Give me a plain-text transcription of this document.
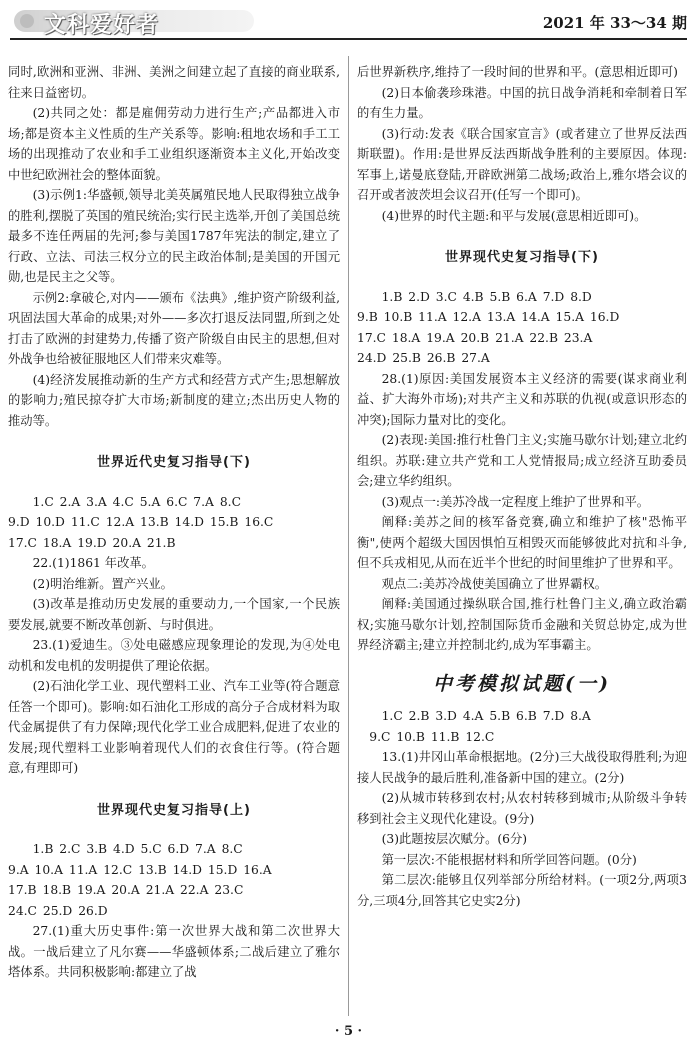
文科爱好者	2021 年 33～34 期

同时,欧洲和亚洲、非洲、美洲之间建立起了直接的商业联系,往来日益密切。

(2)共同之处：都是雇佣劳动力进行生产;产品都进入市场;都是资本主义性质的生产关系等。影响:租地农场和手工工场的出现推动了农业和手工业组织逐渐资本主义化,开始改变中世纪欧洲社会的整体面貌。

(3)示例1:华盛顿,领导北美英属殖民地人民取得独立战争的胜利,摆脱了英国的殖民统治;实行民主选举,开创了美国总统最多不连任两届的先河;参与美国1787年宪法的制定,建立了行政、立法、司法三权分立的民主政治体制;是美国的开国元勋,也是民主之父等。

示例2:拿破仑,对内——颁布《法典》,维护资产阶级利益,巩固法国大革命的成果;对外——多次打退反法同盟,所到之处打击了欧洲的封建势力,传播了资产阶级自由民主的思想,但对外战争也给被征服地区人们带来灾难等。

(4)经济发展推动新的生产方式和经营方式产生;思想解放的影响力;殖民掠夺扩大市场;新制度的建立;杰出历史人物的推动等。

世界近代史复习指导(下)

1.C 2.A 3.A 4.C 5.A 6.C 7.A 8.C

9.D 10.D 11.C 12.A 13.B 14.D 15.B 16.C

17.C 18.A 19.D 20.A 21.B

22.(1)1861 年改革。

(2)明治维新。置产兴业。

(3)改革是推动历史发展的重要动力,一个国家,一个民族要发展,就要不断改革创新、与时俱进。

23.(1)爱迪生。③处电磁感应现象理论的发现,为④处电动机和发电机的发明提供了理论依据。

(2)石油化学工业、现代塑料工业、汽车工业等(符合题意任答一个即可)。影响:如石油化工形成的高分子合成材料为取代金属提供了有力保障;现代化学工业合成肥料,促进了农业的发展;现代塑料工业影响着现代人们的衣食住行等。(符合题意,有理即可)

世界现代史复习指导(上)

1.B 2.C 3.B 4.D 5.C 6.D 7.A 8.C

9.A 10.A 11.A 12.C 13.B 14.D 15.D 16.A

17.B 18.B 19.A 20.A 21.A 22.A 23.C

24.C 25.D 26.D

27.(1)重大历史事件:第一次世界大战和第二次世界大战。一战后建立了凡尔赛——华盛顿体系;二战后建立了雅尔塔体系。共同积极影响:都建立了战

后世界新秩序,维持了一段时间的世界和平。(意思相近即可)

(2)日本偷袭珍珠港。中国的抗日战争消耗和牵制着日军的有生力量。

(3)行动:发表《联合国家宣言》(或者建立了世界反法西斯联盟)。作用:是世界反法西斯战争胜利的主要原因。体现:军事上,诺曼底登陆,开辟欧洲第二战场;政治上,雅尔塔会议的召开或者波茨坦会议召开(任写一个即可)。

(4)世界的时代主题:和平与发展(意思相近即可)。

世界现代史复习指导(下)

1.B 2.D 3.C 4.B 5.B 6.A 7.D 8.D

9.B 10.B 11.A 12.A 13.A 14.A 15.A 16.D

17.C 18.A 19.A 20.B 21.A 22.B 23.A

24.D 25.B 26.B 27.A

28.(1)原因:美国发展资本主义经济的需要(谋求商业利益、扩大海外市场);对共产主义和苏联的仇视(或意识形态的冲突);国际力量对比的变化。

(2)表现:美国:推行杜鲁门主义;实施马歇尔计划;建立北约组织。苏联:建立共产党和工人党情报局;成立经济互助委员会;建立华约组织。

(3)观点一:美苏冷战一定程度上维护了世界和平。

阐释:美苏之间的核军备竞赛,确立和维护了核"恐怖平衡",使两个超级大国因惧怕互相毁灭而能够彼此对抗和斗争,但不兵戎相见,从而在近半个世纪的时间里维护了世界和平。

观点二:美苏冷战使美国确立了世界霸权。

阐释:美国通过操纵联合国,推行杜鲁门主义,确立政治霸权;实施马歇尔计划,控制国际货币金融和关贸总协定,成为世界经济霸主;建立并控制北约,成为军事霸主。

中考模拟试题(一)

1.C 2.B 3.D 4.A 5.B 6.B 7.D 8.A

9.C 10.B 11.B 12.C

13.(1)井冈山革命根据地。(2分)三大战役取得胜利;为迎接人民战争的最后胜利,准备新中国的建立。(2分)

(2)从城市转移到农村;从农村转移到城市;从阶级斗争转移到社会主义现代化建设。(9分)

(3)此题按层次赋分。(6分)

第一层次:不能根据材料和所学回答问题。(0分)

第二层次:能够且仅列举部分所给材料。(一项2分,两项3分,三项4分,回答其它史实2分)

· 5 ·
